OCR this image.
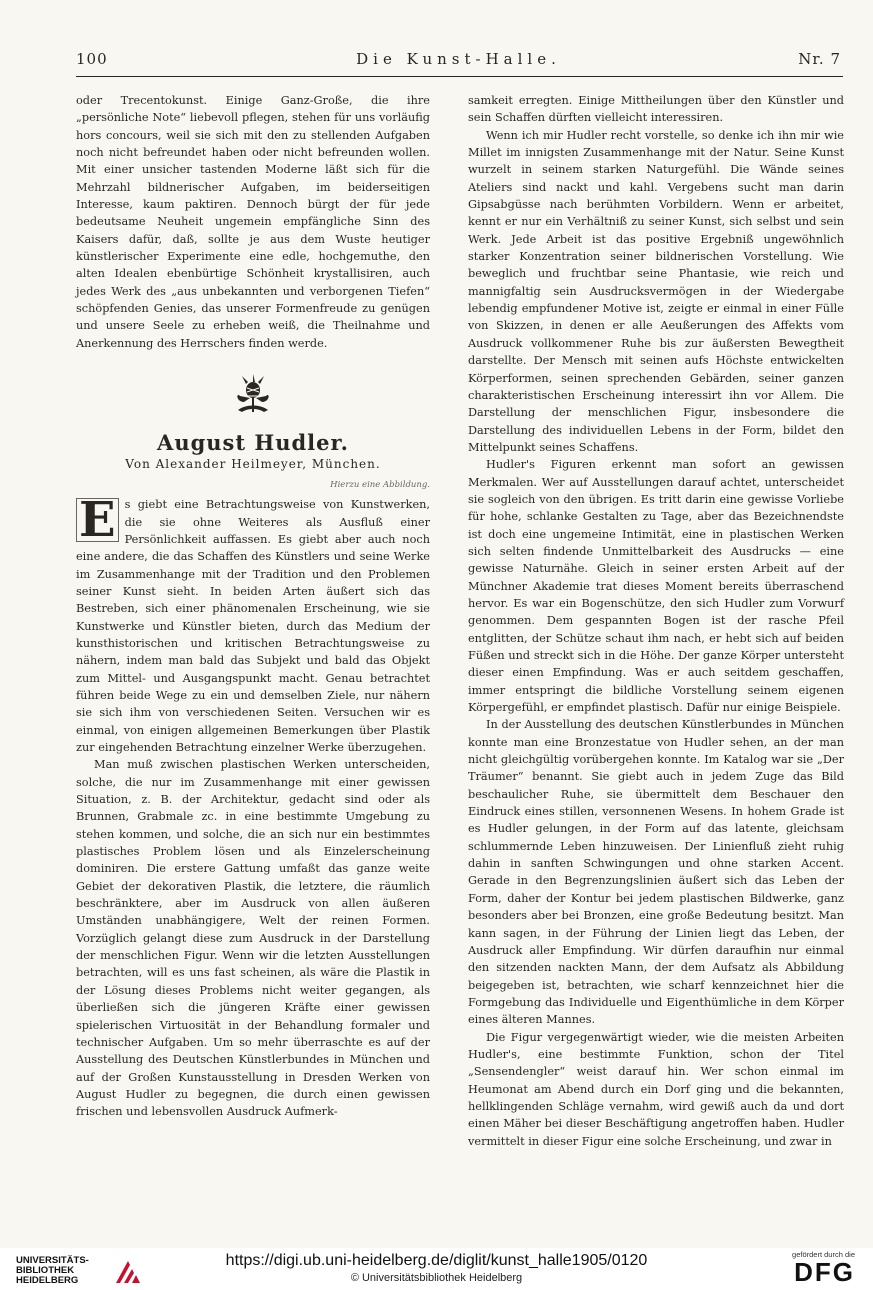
100	Die Kunst-Halle.	Nr. 7

oder Trecentokunst. Einige Ganz-Große, die ihre „persönliche Note“ liebevoll pflegen, stehen für uns vorläufig hors concours, weil sie sich mit den zu stellenden Aufgaben noch nicht befreundet haben oder nicht befreunden wollen. Mit einer unsicher tastenden Moderne läßt sich für die Mehrzahl bildnerischer Aufgaben, im beiderseitigen Interesse, kaum paktiren. Dennoch bürgt der für jede bedeutsame Neuheit ungemein empfängliche Sinn des Kaisers dafür, daß, sollte je aus dem Wuste heutiger künstlerischer Experimente eine edle, hochgemuthe, den alten Idealen ebenbürtige Schönheit krystallisiren, auch jedes Werk des „aus unbekannten und verborgenen Tiefen“ schöpfenden Genies, das unserer Formenfreude zu genügen und unsere Seele zu erheben weiß, die Theilnahme und Anerkennung des Herrschers finden werde.

August Hudler.
Von Alexander Heilmeyer, München.
Hierzu eine Abbildung.

E s giebt eine Betrachtungsweise von Kunstwerken, die sie ohne Weiteres als Ausfluß einer Persönlichkeit auffassen. Es giebt aber auch noch eine andere, die das Schaffen des Künstlers und seine Werke im Zusammenhange mit der Tradition und den Problemen seiner Kunst sieht. In beiden Arten äußert sich das Bestreben, sich einer phänomenalen Erscheinung, wie sie Kunstwerke und Künstler bieten, durch das Medium der kunsthistorischen und kritischen Betrachtungsweise zu nähern, indem man bald das Subjekt und bald das Objekt zum Mittel- und Ausgangspunkt macht. Genau betrachtet führen beide Wege zu ein und demselben Ziele, nur nähern sie sich ihm von verschiedenen Seiten. Versuchen wir es einmal, von einigen allgemeinen Bemerkungen über Plastik zur eingehenden Betrachtung einzelner Werke überzugehen.

Man muß zwischen plastischen Werken unterscheiden, solche, die nur im Zusammenhange mit einer gewissen Situation, z. B. der Architektur, gedacht sind oder als Brunnen, Grabmale zc. in eine bestimmte Umgebung zu stehen kommen, und solche, die an sich nur ein bestimmtes plastisches Problem lösen und als Einzelerscheinung dominiren. Die erstere Gattung umfaßt das ganze weite Gebiet der dekorativen Plastik, die letztere, die räumlich beschränktere, aber im Ausdruck von allen äußeren Umständen unabhängigere, Welt der reinen Formen. Vorzüglich gelangt diese zum Ausdruck in der Darstellung der menschlichen Figur. Wenn wir die letzten Ausstellungen betrachten, will es uns fast scheinen, als wäre die Plastik in der Lösung dieses Problems nicht weiter gegangen, als überließen sich die jüngeren Kräfte einer gewissen spielerischen Virtuosität in der Behandlung formaler und technischer Aufgaben. Um so mehr überraschte es auf der Ausstellung des Deutschen Künstlerbundes in München und auf der Großen Kunstausstellung in Dresden Werken von August Hudler zu begegnen, die durch einen gewissen frischen und lebensvollen Ausdruck Aufmerk-

samkeit erregten. Einige Mittheilungen über den Künstler und sein Schaffen dürften vielleicht interessiren.

Wenn ich mir Hudler recht vorstelle, so denke ich ihn mir wie Millet im innigsten Zusammenhange mit der Natur. Seine Kunst wurzelt in seinem starken Naturgefühl. Die Wände seines Ateliers sind nackt und kahl. Vergebens sucht man darin Gipsabgüsse nach berühmten Vorbildern. Wenn er arbeitet, kennt er nur ein Verhältniß zu seiner Kunst, sich selbst und sein Werk. Jede Arbeit ist das positive Ergebniß ungewöhnlich starker Konzentration seiner bildnerischen Vorstellung. Wie beweglich und fruchtbar seine Phantasie, wie reich und mannigfaltig sein Ausdrucksvermögen in der Wiedergabe lebendig empfundener Motive ist, zeigte er einmal in einer Fülle von Skizzen, in denen er alle Aeußerungen des Affekts vom Ausdruck vollkommener Ruhe bis zur äußersten Bewegtheit darstellte. Der Mensch mit seinen aufs Höchste entwickelten Körperformen, seinen sprechenden Gebärden, seiner ganzen charakteristischen Erscheinung interessirt ihn vor Allem. Die Darstellung der menschlichen Figur, insbesondere die Darstellung des individuellen Lebens in der Form, bildet den Mittelpunkt seines Schaffens.

Hudler's Figuren erkennt man sofort an gewissen Merkmalen. Wer auf Ausstellungen darauf achtet, unterscheidet sie sogleich von den übrigen. Es tritt darin eine gewisse Vorliebe für hohe, schlanke Gestalten zu Tage, aber das Bezeichnendste ist doch eine ungemeine Intimität, eine in plastischen Werken sich selten findende Unmittelbarkeit des Ausdrucks — eine gewisse Naturnähe. Gleich in seiner ersten Arbeit auf der Münchner Akademie trat dieses Moment bereits überraschend hervor. Es war ein Bogenschütze, den sich Hudler zum Vorwurf genommen. Dem gespannten Bogen ist der rasche Pfeil entglitten, der Schütze schaut ihm nach, er hebt sich auf beiden Füßen und streckt sich in die Höhe. Der ganze Körper untersteht dieser einen Empfindung. Was er auch seitdem geschaffen, immer entspringt die bildliche Vorstellung seinem eigenen Körpergefühl, er empfindet plastisch. Dafür nur einige Beispiele.

In der Ausstellung des deutschen Künstlerbundes in München konnte man eine Bronzestatue von Hudler sehen, an der man nicht gleichgültig vorübergehen konnte. Im Katalog war sie „Der Träumer“ benannt. Sie giebt auch in jedem Zuge das Bild beschaulicher Ruhe, sie übermittelt dem Beschauer den Eindruck eines stillen, versonnenen Wesens. In hohem Grade ist es Hudler gelungen, in der Form auf das latente, gleichsam schlummernde Leben hinzuweisen. Der Linienfluß zieht ruhig dahin in sanften Schwingungen und ohne starken Accent. Gerade in den Begrenzungslinien äußert sich das Leben der Form, daher der Kontur bei jedem plastischen Bildwerke, ganz besonders aber bei Bronzen, eine große Bedeutung besitzt. Man kann sagen, in der Führung der Linien liegt das Leben, der Ausdruck aller Empfindung. Wir dürfen daraufhin nur einmal den sitzenden nackten Mann, der dem Aufsatz als Abbildung beigegeben ist, betrachten, wie scharf kennzeichnet hier die Formgebung das Individuelle und Eigenthümliche in dem Körper eines älteren Mannes.

Die Figur vergegenwärtigt wieder, wie die meisten Arbeiten Hudler's, eine bestimmte Funktion, schon der Titel „Sensendengler“ weist darauf hin. Wer schon einmal im Heumonat am Abend durch ein Dorf ging und die bekannten, hellklingenden Schläge vernahm, wird gewiß auch da und dort einen Mäher bei dieser Beschäftigung angetroffen haben. Hudler vermittelt in dieser Figur eine solche Erscheinung, und zwar in

UNIVERSITÄTS-
BIBLIOTHEK
HEIDELBERG
https://digi.ub.uni-heidelberg.de/diglit/kunst_halle1905/0120
© Universitätsbibliothek Heidelberg
gefördert durch die
DFG
